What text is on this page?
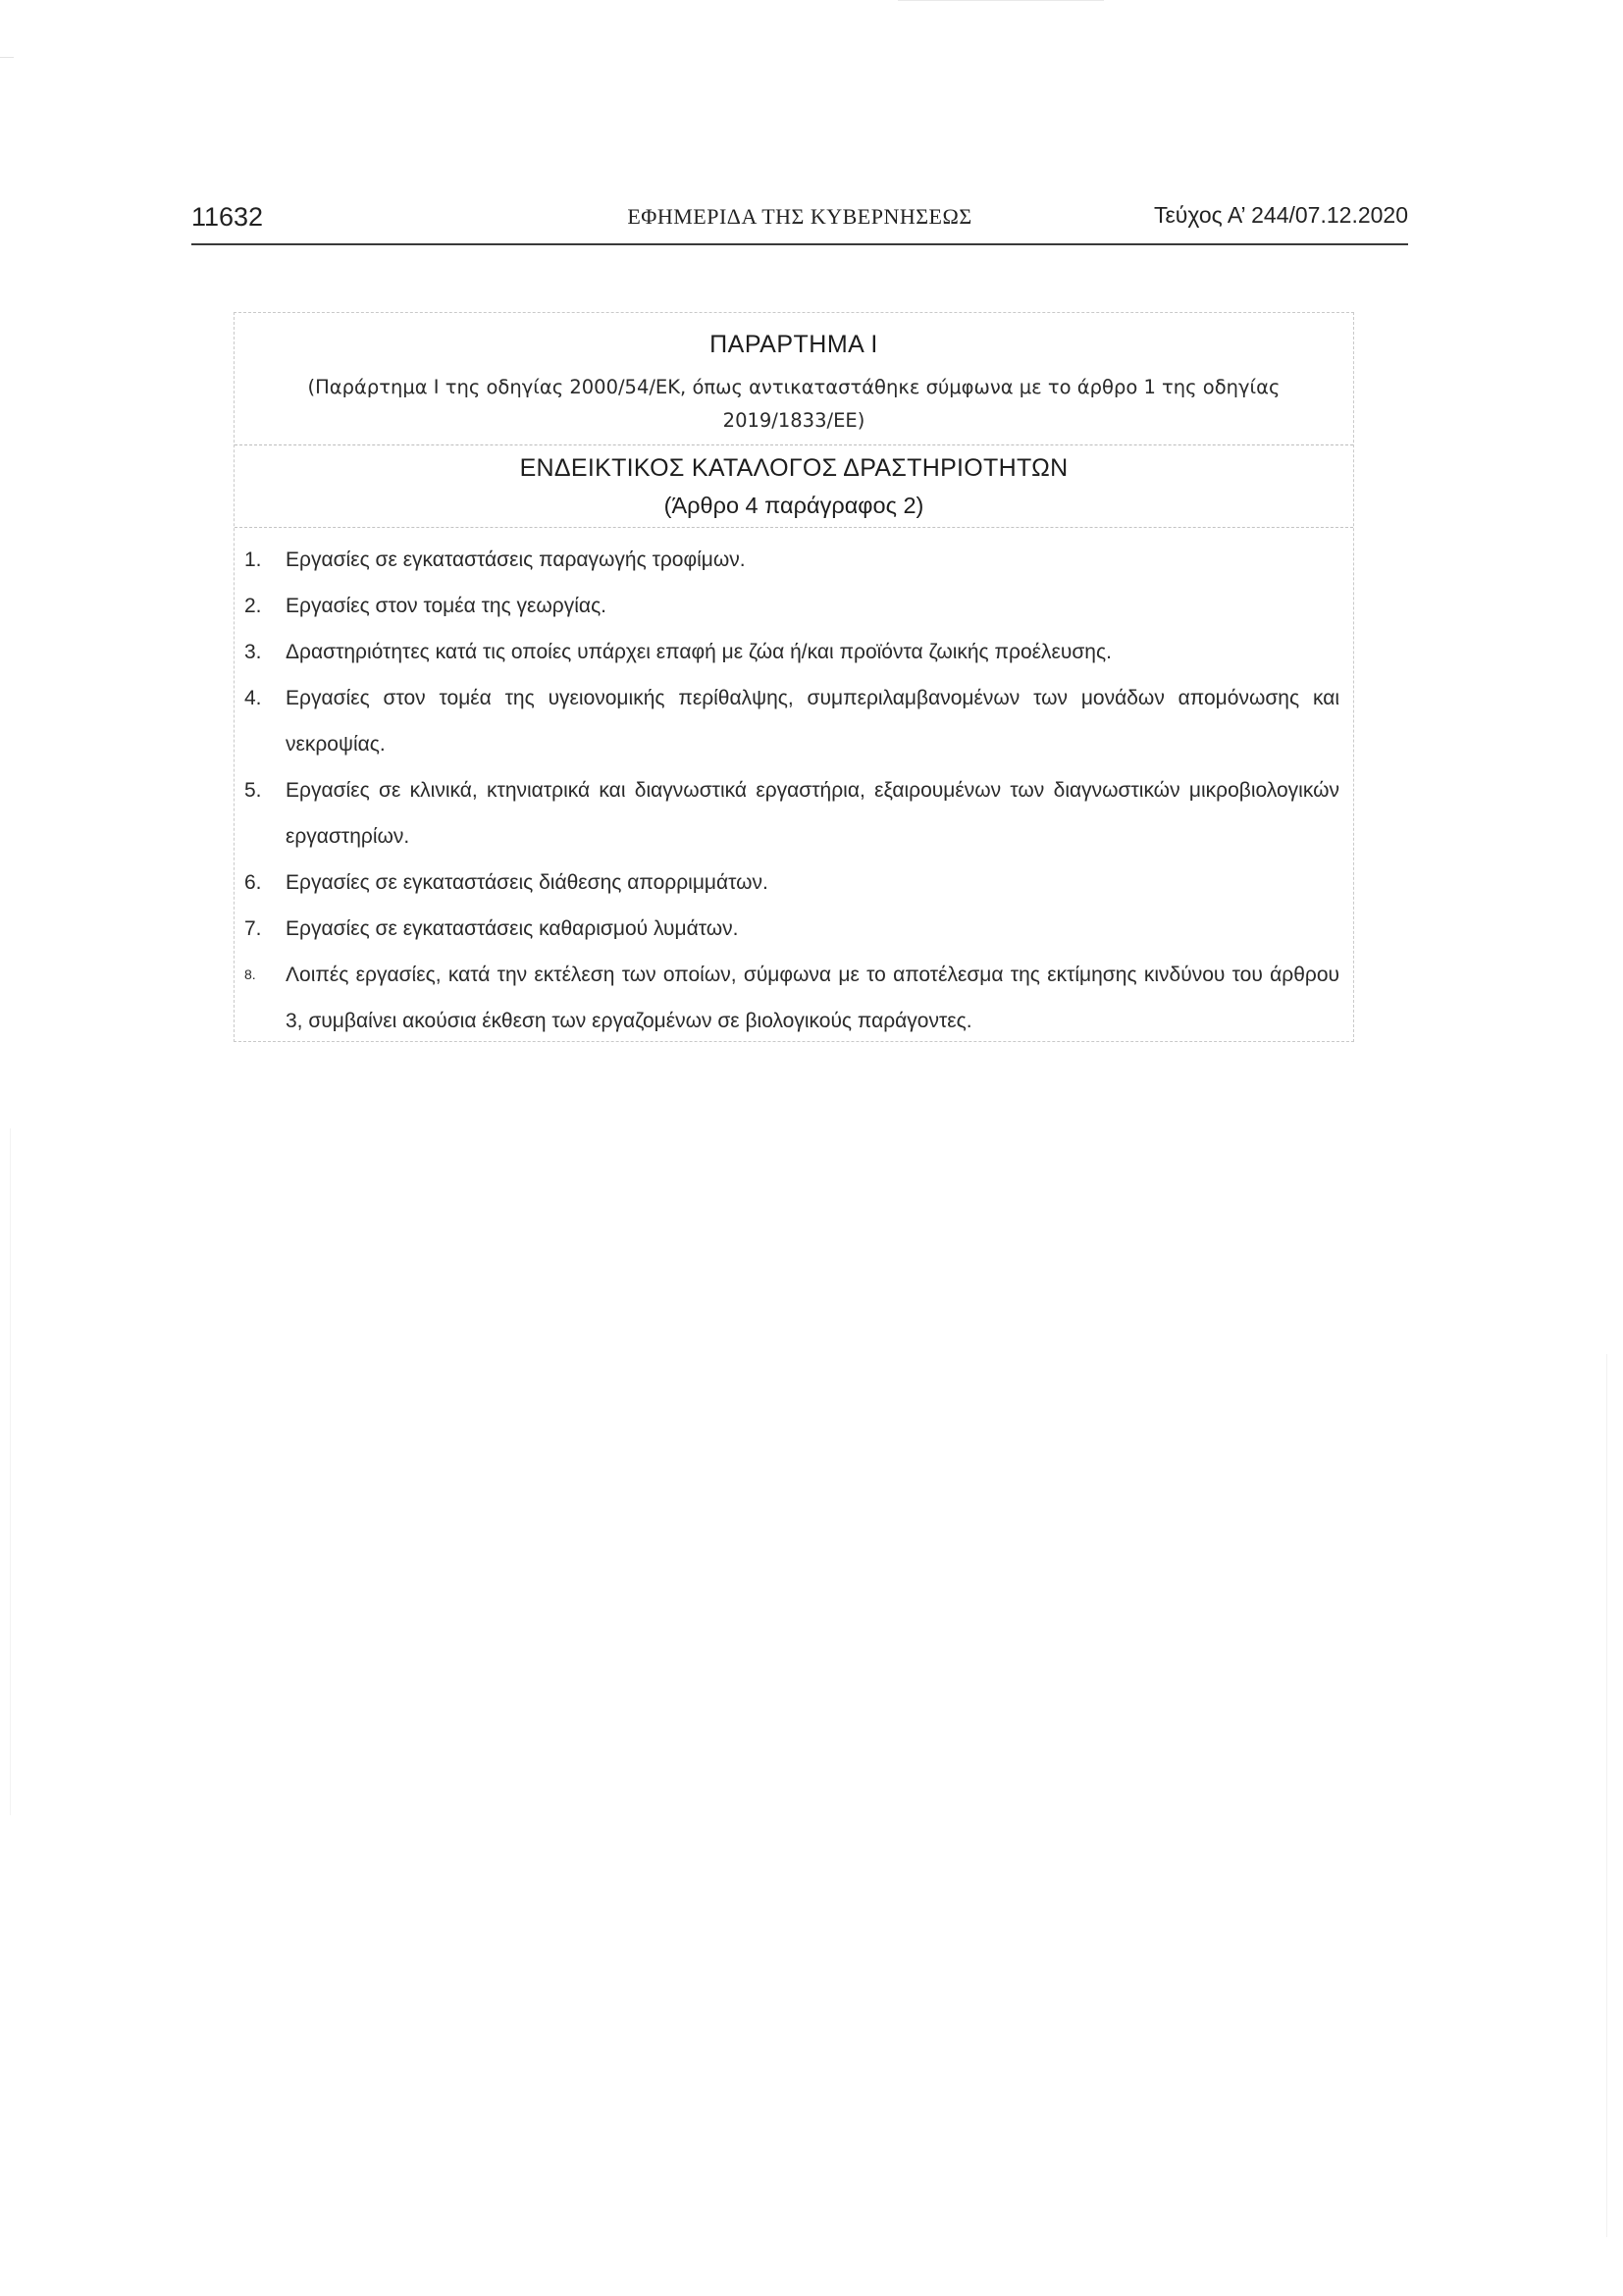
11632	ΕΦΗΜΕΡΙΔΑ ΤΗΣ ΚΥΒΕΡΝΗΣΕΩΣ	Τεύχος Α’ 244/07.12.2020
ΠΑΡΑΡΤΗΜΑ Ι
(Παράρτημα Ι της οδηγίας 2000/54/ΕΚ, όπως αντικαταστάθηκε σύμφωνα με το άρθρο 1 της οδηγίας 2019/1833/ΕΕ)
ΕΝΔΕΙΚΤΙΚΟΣ ΚΑΤΑΛΟΓΟΣ ΔΡΑΣΤΗΡΙΟΤΗΤΩΝ
(Άρθρο 4 παράγραφος 2)
1. Εργασίες σε εγκαταστάσεις παραγωγής τροφίμων.
2. Εργασίες στον τομέα της γεωργίας.
3. Δραστηριότητες κατά τις οποίες υπάρχει επαφή με ζώα ή/και προϊόντα ζωικής προέλευσης.
4. Εργασίες στον τομέα της υγειονομικής περίθαλψης, συμπεριλαμβανομένων των μονάδων απομόνωσης και νεκροψίας.
5. Εργασίες σε κλινικά, κτηνιατρικά και διαγνωστικά εργαστήρια, εξαιρουμένων των διαγνωστικών μικροβιολογικών εργαστηρίων.
6. Εργασίες σε εγκαταστάσεις διάθεσης απορριμμάτων.
7. Εργασίες σε εγκαταστάσεις καθαρισμού λυμάτων.
8. Λοιπές εργασίες, κατά την εκτέλεση των οποίων, σύμφωνα με το αποτέλεσμα της εκτίμησης κινδύνου του άρθρου 3, συμβαίνει ακούσια έκθεση των εργαζομένων σε βιολογικούς παράγοντες.
